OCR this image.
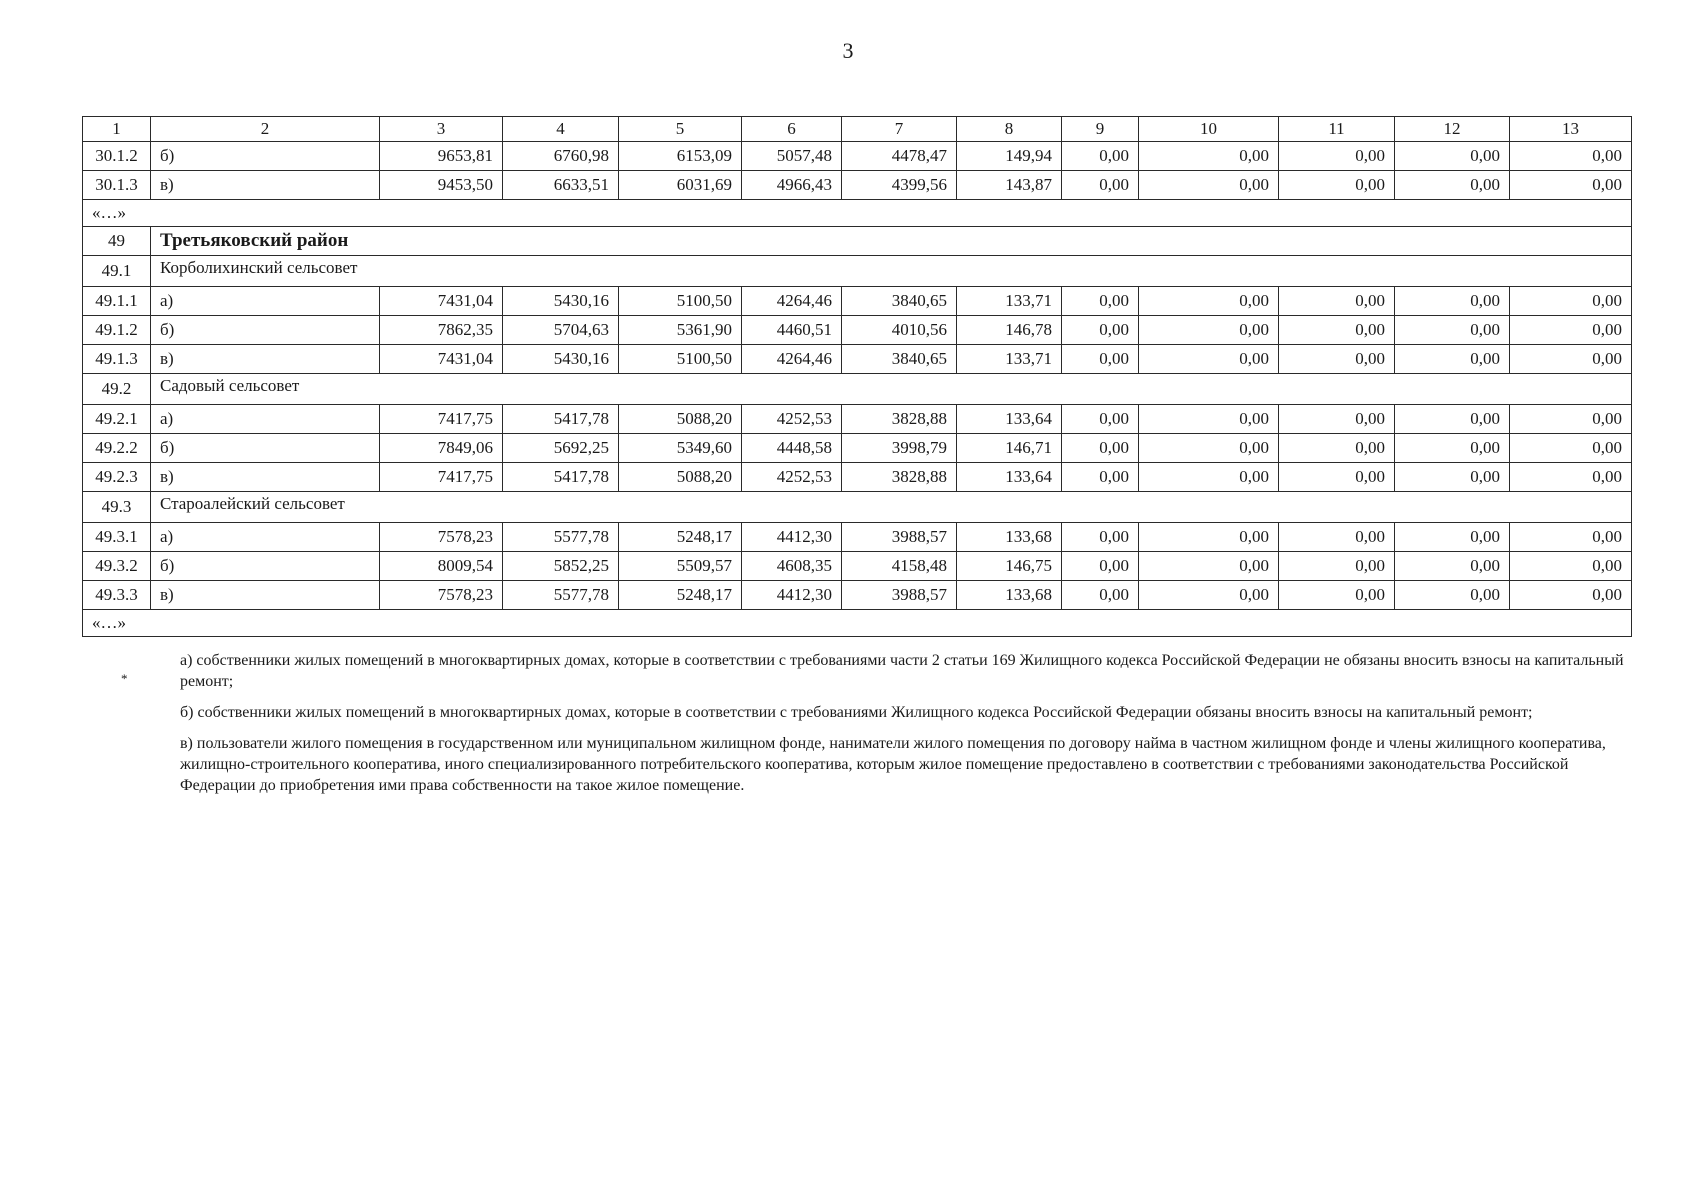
3
1	2	3	4	5	6	7	8	9	10	11	12	13
30.1.2	б)	9653,81	6760,98	6153,09	5057,48	4478,47	149,94	0,00	0,00	0,00	0,00	0,00
30.1.3	в)	9453,50	6633,51	6031,69	4966,43	4399,56	143,87	0,00	0,00	0,00	0,00	0,00
«…»												
49	Третьяковский район											
49.1	Корболихинский сельсовет											
49.1.1	а)	7431,04	5430,16	5100,50	4264,46	3840,65	133,71	0,00	0,00	0,00	0,00	0,00
49.1.2	б)	7862,35	5704,63	5361,90	4460,51	4010,56	146,78	0,00	0,00	0,00	0,00	0,00
49.1.3	в)	7431,04	5430,16	5100,50	4264,46	3840,65	133,71	0,00	0,00	0,00	0,00	0,00
49.2	Садовый сельсовет											
49.2.1	а)	7417,75	5417,78	5088,20	4252,53	3828,88	133,64	0,00	0,00	0,00	0,00	0,00
49.2.2	б)	7849,06	5692,25	5349,60	4448,58	3998,79	146,71	0,00	0,00	0,00	0,00	0,00
49.2.3	в)	7417,75	5417,78	5088,20	4252,53	3828,88	133,64	0,00	0,00	0,00	0,00	0,00
49.3	Староалейский сельсовет											
49.3.1	а)	7578,23	5577,78	5248,17	4412,30	3988,57	133,68	0,00	0,00	0,00	0,00	0,00
49.3.2	б)	8009,54	5852,25	5509,57	4608,35	4158,48	146,75	0,00	0,00	0,00	0,00	0,00
49.3.3	в)	7578,23	5577,78	5248,17	4412,30	3988,57	133,68	0,00	0,00	0,00	0,00	0,00
«…»												
*

а) собственники жилых помещений в многоквартирных домах, которые в соответствии с требованиями части 2 статьи 169 Жилищного кодекса Российской Федерации не обязаны вносить взносы на капитальный ремонт;

б) собственники жилых помещений в многоквартирных домах, которые в соответствии с требованиями Жилищного кодекса Российской Федерации обязаны вносить взносы на капитальный ремонт;

в) пользователи жилого помещения в государственном или муниципальном жилищном фонде, наниматели жилого помещения по договору найма в частном жилищном фонде и члены жилищного кооператива, жилищно-строительного кооператива, иного специализированного потребительского кооператива, которым жилое помещение предоставлено в соответствии с требованиями законодательства Российской Федерации до приобретения ими права собственности на такое жилое помещение.
